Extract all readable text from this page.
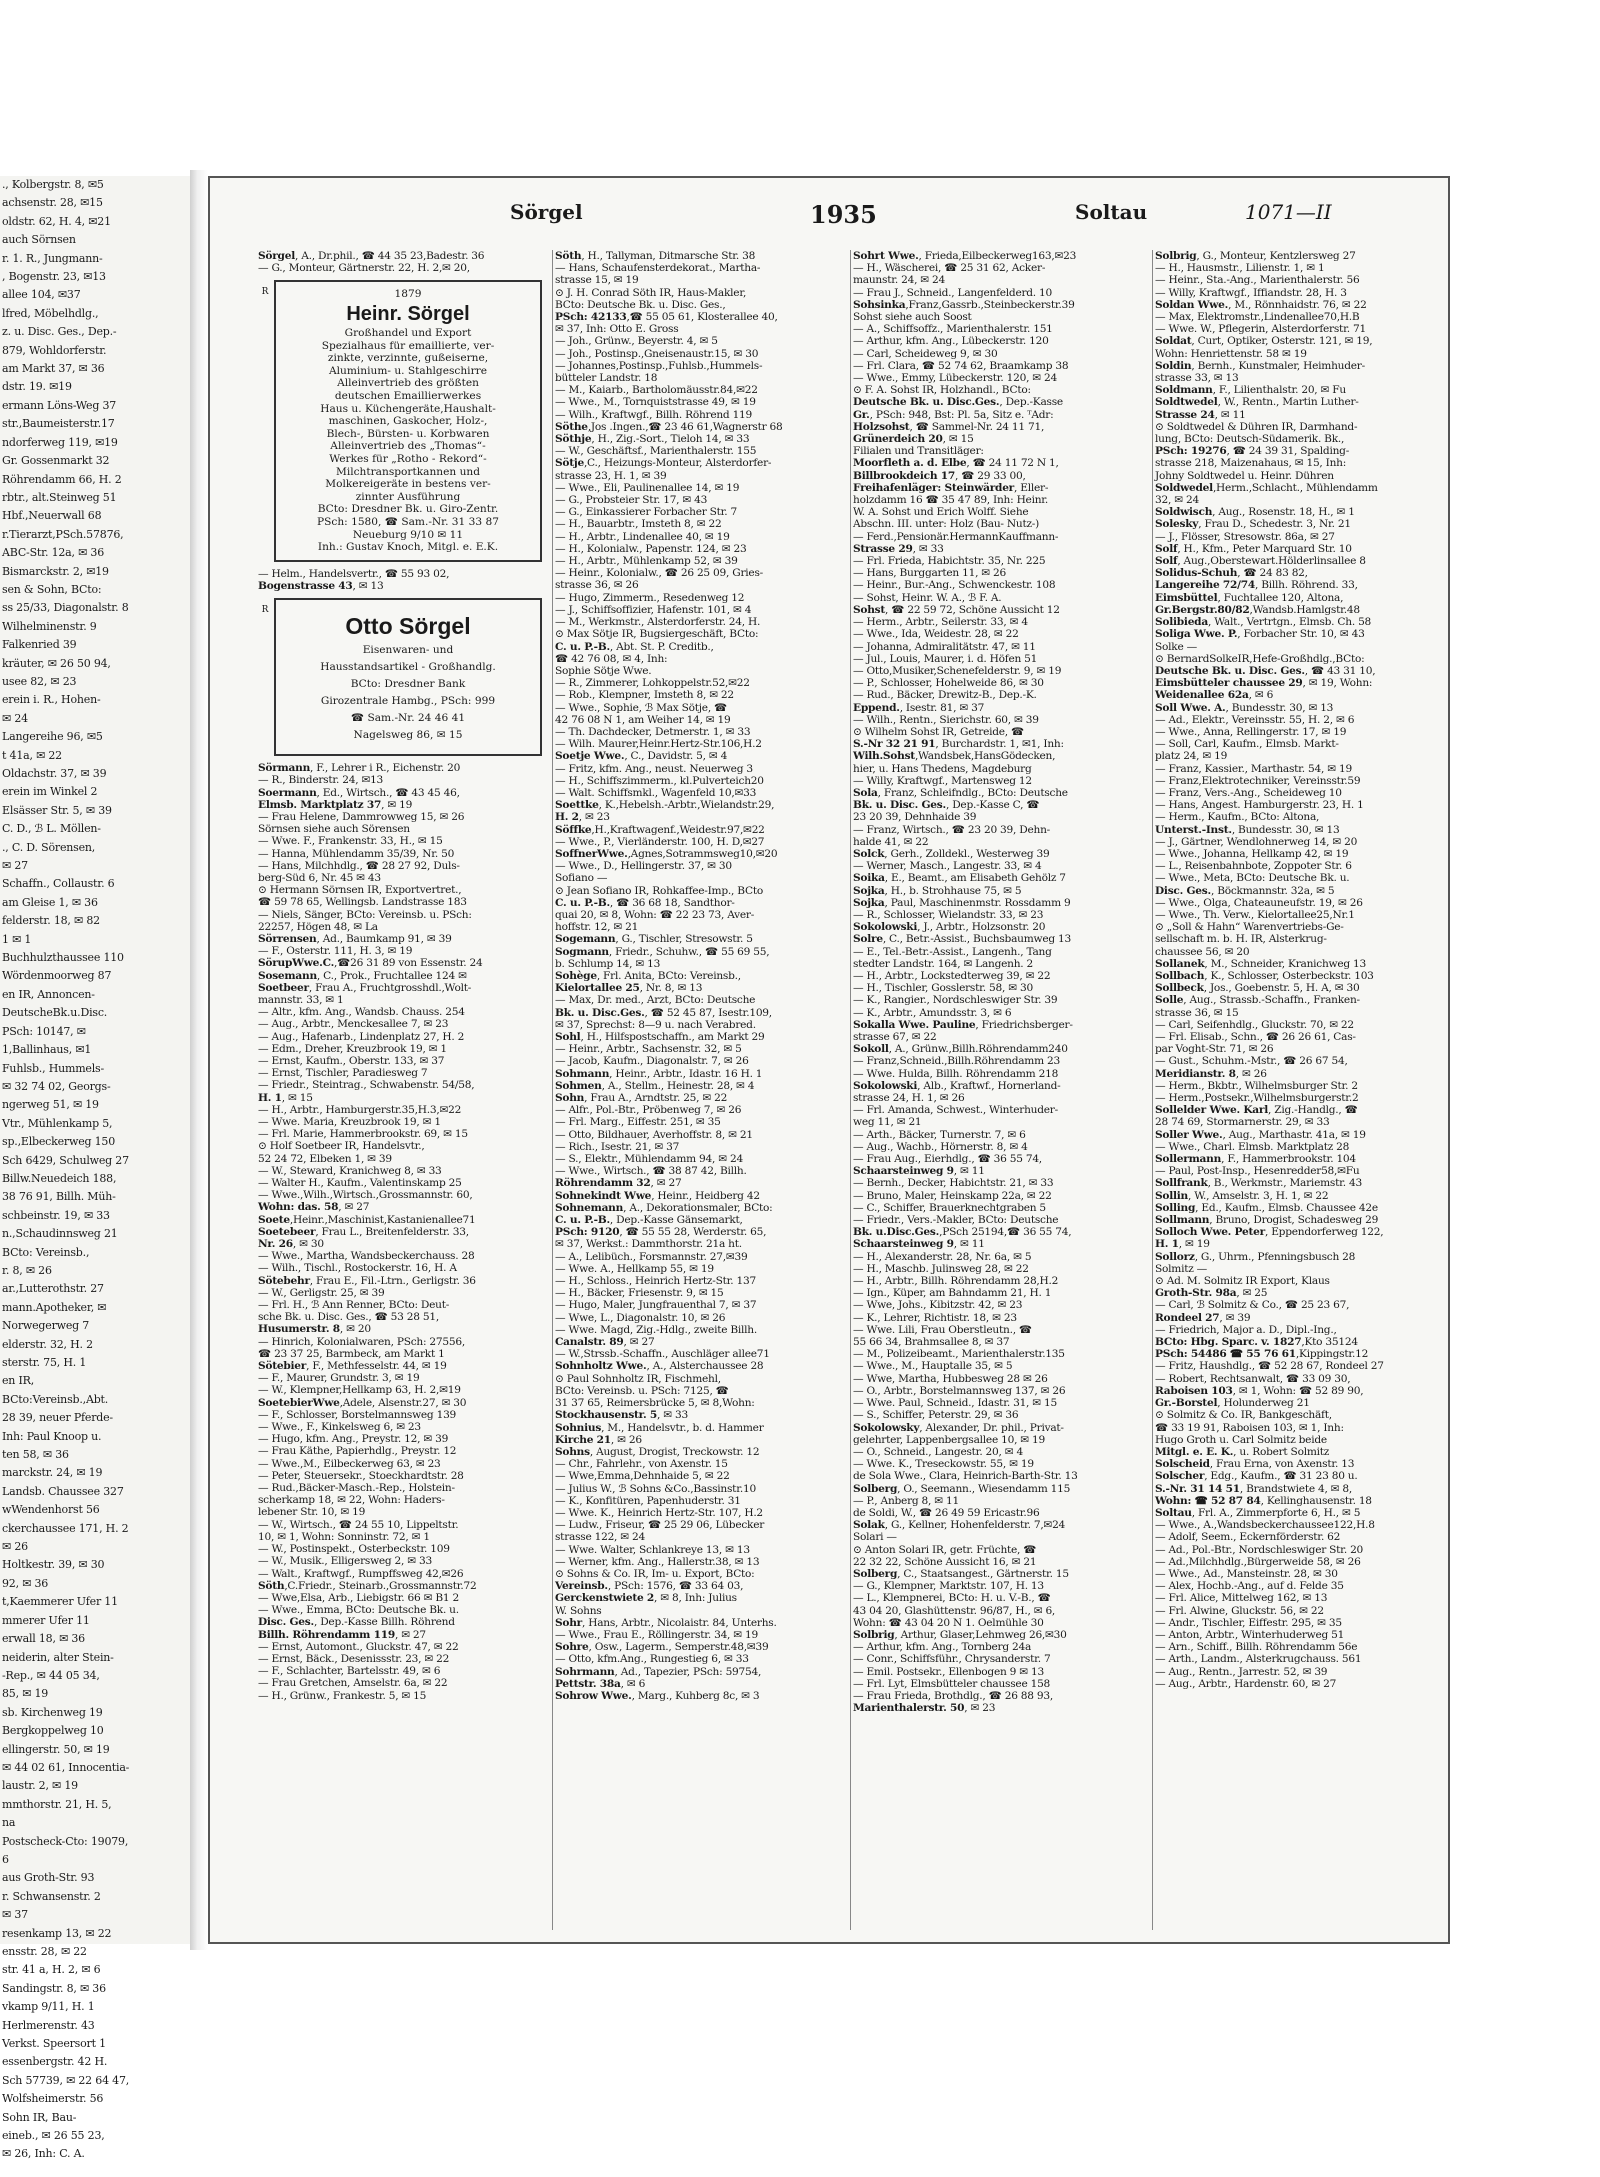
., Kolbergstr. 8, ✉5
achsenstr. 28, ✉15
oldstr. 62, H. 4, ✉21
auch Sörnsen
r. 1. R., Jungmann-
, Bogenstr. 23, ✉13
allee 104, ✉37
lfred, Möbelhdlg.,
z. u. Disc. Ges., Dep.-
879, Wohldorferstr.
am Markt 37, ✉ 36
dstr. 19. ✉19
ermann Löns-Weg 37
str.,Baumeisterstr.17
ndorferweg 119, ✉19
Gr. Gossenmarkt 32
Röhrendamm 66, H. 2
rbtr., alt.Steinweg 51
Hbf.,Neuerwall 68
r.Tierarzt,PSch.57876,
ABC-Str. 12a, ✉ 36
Bismarckstr. 2, ✉19
sen & Sohn, BCto:
ss 25/33, Diagonalstr. 8
Wilhelminenstr. 9
Falkenried 39
kräuter, ✉ 26 50 94,
usee 82, ✉ 23
erein i. R., Hohen-
✉ 24
Langereihe 96, ✉5
t 41a, ✉ 22
Oldachstr. 37, ✉ 39
erein im Winkel 2
Elsässer Str. 5, ✉ 39
C. D., ℬ L. Möllen-
., C. D. Sörensen,
✉ 27
Schaffn., Collaustr. 6
am Gleise 1, ✉ 36
felderstr. 18, ✉ 82
1 ✉ 1
Buchhulzthaussee 110
Wördenmoorweg 87
en IR, Annoncen-
DeutscheBk.u.Disc.
PSch: 10147, ✉
1,Ballinhaus, ✉1
Fuhlsb., Hummels-
✉ 32 74 02, Georgs-
ngerweg 51, ✉ 19
Vtr., Mühlenkamp 5,
sp.,Elbeckerweg 150
Sch 6429, Schulweg 27
Billw.Neuedeich 188,
38 76 91, Billh. Müh-
schbeinstr. 19, ✉ 33
n.,Schaudinnsweg 21
BCto: Vereinsb.,
r. 8, ✉ 26
ar.,Lutterothstr. 27
mann.Apotheker, ✉
Norwegerweg 7
elderstr. 32, H. 2
sterstr. 75, H. 1
en IR,
BCto:Vereinsb.,Abt.
28 39, neuer Pferde-
Inh: Paul Knoop u.
ten 58, ✉ 36
marckstr. 24, ✉ 19
Landsb. Chaussee 327
wWendenhorst 56
ckerchaussee 171, H. 2
✉ 26
Holtkestr. 39, ✉ 30
92, ✉ 36
t,Kaemmerer Ufer 11
mmerer Ufer 11
erwall 18, ✉ 36
neiderin, alter Stein-
-Rep., ✉ 44 05 34,
85, ✉ 19
sb. Kirchenweg 19
Bergkoppelweg 10
ellingerstr. 50, ✉ 19
✉ 44 02 61, Innocentia-
laustr. 2, ✉ 19
mmthorstr. 21, H. 5,
na
Postscheck-Cto: 19079,
6
aus Groth-Str. 93
r. Schwansenstr. 2
✉ 37
resenkamp 13, ✉ 22
ensstr. 28, ✉ 22
str. 41 a, H. 2, ✉ 6
Sandingstr. 8, ✉ 36
vkamp 9/11, H. 1
Herlmerenstr. 43
Verkst. Speersort 1
essenbergstr. 42 H.
Sch 57739, ✉ 22 64 47,
Wolfsheimerstr. 56
Sohn IR, Bau-
eineb., ✉ 26 55 23,
✉ 26, Inh: C. A.
Sörgel	1935	Soltau	1071—II
Sörgel, A., Dr.phil., ☎ 44 35 23,Badestr. 36
— G., Monteur, Gärtnerstr. 22, H. 2,✉ 20,
R	1879
Heinr. Sörgel
Großhandel und Export
Spezialhaus für emaillierte, ver-
zinkte, verzinnte, gußeiserne,
Aluminium- u. Stahlgeschirre
Alleinvertrieb des größten
deutschen Emaillierwerkes
Haus u. Küchengeräte,Haushalt-
maschinen, Gaskocher, Holz-,
Blech-, Bürsten- u. Korbwaren
Alleinvertrieb des „Thomas“-
Werkes für „Rotho - Rekord“-
Milchtransportkannen und
Molkereigeräte in bestens ver-
zinnter Ausführung
BCto: Dresdner Bk. u. Giro-Zentr.
PSch: 1580, ☎ Sam.-Nr. 31 33 87
Neueburg 9/10 ✉ 11
Inh.: Gustav Knoch, Mitgl. e. E.K.
— Helm., Handelsvertr., ☎ 55 93 02,
Bogenstrasse 43, ✉ 13
R
Otto Sörgel
Eisenwaren- und
Hausstandsartikel - Großhandlg.
BCto: Dresdner Bank
Girozentrale Hambg., PSch: 999
☎ Sam.-Nr. 24 46 41
Nagelsweg 86, ✉ 15
Sörmann, F., Lehrer i R., Eichenstr. 20
— R., Binderstr. 24, ✉13
Soermann, Ed., Wirtsch., ☎ 43 45 46,
Elmsb. Marktplatz 37, ✉ 19
— Frau Helene, Dammrowweg 15, ✉ 26
Sörnsen siehe auch Sörensen
— Wwe. F., Frankenstr. 33, H., ✉ 15
— Hanna, Mühlendamm 35/39, Nr. 50
— Hans, Milchhdlg., ☎ 28 27 92, Duls-
berg-Süd 6, Nr. 45 ✉ 43
⊙ Hermann Sörnsen IR, Exportvertret.,
☎ 59 78 65, Wellingsb. Landstrasse 183
— Niels, Sänger, BCto: Vereinsb. u. PSch:
22257, Högen 48, ✉ La
Sörrensen, Ad., Baumkamp 91, ✉ 39
— F., Osterstr. 111, H. 3, ✉ 19
SörupWwe.C.,☎26 31 89 von Essenstr. 24
Sosemann, C., Prok., Fruchtallee 124 ✉
Soetbeer, Frau A., Fruchtgrosshdl.,Wolt-
mannstr. 33, ✉ 1
— Altr., kfm. Ang., Wandsb. Chauss. 254
— Aug., Arbtr., Menckesallee 7, ✉ 23
— Aug., Hafenarb., Lindenplatz 27, H. 2
— Edm., Dreher, Kreuzbrook 19, ✉ 1
— Ernst, Kaufm., Oberstr. 133, ✉ 37
— Ernst, Tischler, Paradiesweg 7
— Friedr., Steintrag., Schwabenstr. 54/58,
H. 1, ✉ 15
— H., Arbtr., Hamburgerstr.35,H.3,✉22
— Wwe. Maria, Kreuzbrook 19, ✉ 1
— Frl. Marie, Hammerbrookstr. 69, ✉ 15
⊙ Holf Soetbeer IR, Handelsvtr.,
52 24 72, Elbeken 1, ✉ 39
— W., Steward, Kranichweg 8, ✉ 33
— Walter H., Kaufm., Valentinskamp 25
— Wwe.,Wilh.,Wirtsch.,Grossmannstr. 60,
Wohn: das. 58, ✉ 27
Soete,Heinr.,Maschinist,Kastanienallee71
Soetebeer, Frau L., Breitenfelderstr. 33,
Nr. 26, ✉ 30
— Wwe., Martha, Wandsbeckerchauss. 28
— Wilh., Tischl., Rostockerstr. 16, H. A
Sötebehr, Frau E., Fil.-Ltrn., Gerligstr. 36
— W., Gerligstr. 25, ✉ 39
— Frl. H., ℬ Ann Renner, BCto: Deut-
sche Bk. u. Disc. Ges., ☎ 53 28 51,
Husumerstr. 8, ✉ 20
— Hinrich, Kolonialwaren, PSch: 27556,
☎ 23 37 25, Barmbeck, am Markt 1
Sötebier, F., Methfesselstr. 44, ✉ 19
— F., Maurer, Grundstr. 3, ✉ 19
— W., Klempner,Hellkamp 63, H. 2,✉19
SoetebierWwe,Adele, Alsenstr.27, ✉ 30
— F., Schlosser, Borstelmannsweg 139
— Wwe., F., Kinkelsweg 6, ✉ 23
— Hugo, kfm. Ang., Preystr. 12, ✉ 39
— Frau Käthe, Papierhdlg., Preystr. 12
— Wwe.,M., Eilbeckerweg 63, ✉ 23
— Peter, Steuersekr., Stoeckhardtstr. 28
— Rud.,Bäcker-Masch.-Rep., Holstein-
scherkamp 18, ✉ 22, Wohn: Haders-
lebener Str. 10, ✉ 19
— W., Wirtsch., ☎ 24 55 10, Lippeltstr.
10, ✉ 1, Wohn: Sonninstr. 72, ✉ 1
— W., Postinspekt., Osterbeckstr. 109
— W., Musik., Elligersweg 2, ✉ 33
— Walt., Kraftwgf., Rumpffsweg 42,✉26
Söth,C.Friedr., Steinarb.,Grossmannstr.72
— Wwe,Elsa, Arb., Liebigstr. 66 ✉ B1 2
— Wwe., Emma, BCto: Deutsche Bk. u.
Disc. Ges., Dep.-Kasse Billh. Röhrend
Billh. Röhrendamm 119, ✉ 27
— Ernst, Automont., Gluckstr. 47, ✉ 22
— Ernst, Bäck., Desenissstr. 23, ✉ 22
— F., Schlachter, Bartelsstr. 49, ✉ 6
— Frau Gretchen, Amselstr. 6a, ✉ 22
— H., Grünw., Frankestr. 5, ✉ 15
Söth, H., Tallyman, Ditmarsche Str. 38
— Hans, Schaufensterdekorat., Martha-
strasse 15, ✉ 19
⊙ J. H. Conrad Söth IR, Haus-Makler,
BCto: Deutsche Bk. u. Disc. Ges.,
PSch: 42133,☎ 55 05 61, Klosterallee 40,
✉ 37, Inh: Otto E. Gross
— Joh., Grünw., Beyerstr. 4, ✉ 5
— Joh., Postinsp.,Gneisenaustr.15, ✉ 30
— Johannes,Postinsp.,Fuhlsb.,Hummels-
bütteler Landstr. 18
— M., Kaiarb., Bartholomäusstr.84,✉22
— Wwe., M., Tornquiststrasse 49, ✉ 19
— Wilh., Kraftwgf., Billh. Röhrend 119
Söthe,Jos .Ingen.,☎ 23 46 61,Wagnerstr 68
Söthje, H., Zig.-Sort., Tieloh 14, ✉ 33
— W., Geschäftsf., Marienthalerstr. 155
Sötje,C., Heizungs-Monteur, Alsterdorfer-
strasse 23, H. 1, ✉ 39
— Wwe., Eli, Paulinenallee 14, ✉ 19
— G., Probsteier Str. 17, ✉ 43
— G., Einkassierer Forbacher Str. 7
— H., Bauarbtr., Imsteth 8, ✉ 22
— H., Arbtr., Lindenallee 40, ✉ 19
— H., Kolonialw., Papenstr. 124, ✉ 23
— H., Arbtr., Mühlenkamp 52, ✉ 39
— Heinr., Kolonialw., ☎ 26 25 09, Gries-
strasse 36, ✉ 26
— Hugo, Zimmerm., Resedenweg 12
— J., Schiffsoffizier, Hafenstr. 101, ✉ 4
— M., Werkmstr., Alsterdorferstr. 24, H.
⊙ Max Sötje IR, Bugsiergeschäft, BCto:
C. u. P.-B., Abt. St. P. Creditb.,
☎ 42 76 08, ✉ 4, Inh:
Sophie Sötje Wwe.
— R., Zimmerer, Lohkoppelstr.52,✉22
— Rob., Klempner, Imsteth 8, ✉ 22
— Wwe., Sophie, ℬ Max Sötje, ☎
42 76 08 N 1, am Weiher 14, ✉ 19
— Th. Dachdecker, Detmerstr. 1, ✉ 33
— Wilh. Maurer,Heinr.Hertz-Str.106,H.2
Soetje Wwe., C., Davidstr. 5, ✉ 4
— Fritz, kfm. Ang., neust. Neuerweg 3
— H., Schiffszimmerm., kl.Pulverteich20
— Walt. Schiffsmkl., Wagenfeld 10,✉33
Soettke, K.,Hebelsh.-Arbtr.,Wielandstr.29,
H. 2, ✉ 23
Söffke,H.,Kraftwagenf.,Weidestr.97,✉22
— Wwe., P., Vierländerstr. 100, H. D,✉27
SoffnerWwe.,Agnes,Sotrammsweg10,✉20
— Wwe., D., Hellingerstr. 37, ✉ 30
Sofiano —
⊙ Jean Sofiano IR, Rohkaffee-Imp., BCto
C. u. P.-B., ☎ 36 68 18, Sandthor-
quai 20, ✉ 8, Wohn: ☎ 22 23 73, Aver-
hoffstr. 12, ✉ 21
Sogemann, G., Tischler, Stresowstr. 5
Sogmann, Friedr., Schuhw., ☎ 55 69 55,
b. Schlump 14, ✉ 13
Sohège, Frl. Anita, BCto: Vereinsb.,
Kielortallee 25, Nr. 8, ✉ 13
— Max, Dr. med., Arzt, BCto: Deutsche
Bk. u. Disc.Ges., ☎ 52 45 87, Isestr.109,
✉ 37, Sprechst: 8—9 u. nach Verabred.
Sohl, H., Hilfspostschaffn., am Markt 29
— Heinr., Arbtr., Sachsenstr. 32, ✉ 5
— Jacob, Kaufm., Diagonalstr. 7, ✉ 26
Sohmann, Heinr., Arbtr., Idastr. 16 H. 1
Sohmen, A., Stellm., Heinestr. 28, ✉ 4
Sohn, Frau A., Arndtstr. 25, ✉ 22
— Alfr., Pol.-Btr., Pröbenweg 7, ✉ 26
— Frl. Marg., Eiffestr. 251, ✉ 35
— Otto, Bildhauer, Averhoffstr. 8, ✉ 21
— Rich., Isestr. 21, ✉ 37
— S., Elektr., Mühlendamm 94, ✉ 24
— Wwe., Wirtsch., ☎ 38 87 42, Billh.
Röhrendamm 32, ✉ 27
Sohnekindt Wwe, Heinr., Heidberg 42
Sohnemann, A., Dekorationsmaler, BCto:
C. u. P.-B., Dep.-Kasse Gänsemarkt,
PSch: 9120, ☎ 55 55 28, Werderstr. 65,
✉ 37, Werkst.: Dammthorstr. 21a ht.
— A., Lelibüch., Forsmannstr. 27,✉39
— Wwe. A., Hellkamp 55, ✉ 19
— H., Schloss., Heinrich Hertz-Str. 137
— H., Bäcker, Friesenstr. 9, ✉ 15
— Hugo, Maler, Jungfrauenthal 7, ✉ 37
— Wwe, L., Diagonalstr. 10, ✉ 26
— Wwe. Magd, Zig.-Hdlg., zweite Billh.
Canalstr. 89, ✉ 27
— W.,Strssb.-Schaffn., Auschläger allee71
Sohnholtz Wwe., A., Alsterchaussee 28
⊙ Paul Sohnholtz IR, Fischmehl,
BCto: Vereinsb. u. PSch: 7125, ☎
31 37 65, Reimersbrücke 5, ✉ 8,Wohn:
Stockhausenstr. 5, ✉ 33
Sohnius, M., Handelsvtr., b. d. Hammer
Kirche 21, ✉ 26
Sohns, August, Drogist, Treckowstr. 12
— Chr., Fahrlehr., von Axenstr. 15
— Wwe,Emma,Dehnhaide 5, ✉ 22
— Julius W., ℬ Sohns &Co.,Bassinstr.10
— K., Konfitüren, Papenhuderstr. 31
— Wwe. K., Heinrich Hertz-Str. 107, H.2
— Ludw., Friseur, ☎ 25 29 06, Lübecker
strasse 122, ✉ 24
— Wwe. Walter, Schlankreye 13, ✉ 13
— Werner, kfm. Ang., Hallerstr.38, ✉ 13
⊙ Sohns & Co. IR, Im- u. Export, BCto:
Vereinsb., PSch: 1576, ☎ 33 64 03,
Gerckenstwiete 2, ✉ 8, Inh: Julius
W. Sohns
Sohr, Hans, Arbtr., Nicolaistr. 84, Unterhs.
— Wwe., Frau E., Röllingerstr. 34, ✉ 19
Sohre, Osw., Lagerm., Semperstr.48,✉39
— Otto, kfm.Ang., Rungestieg 6, ✉ 33
Sohrmann, Ad., Tapezier, PSch: 59754,
Pettstr. 38a, ✉ 6
Sohrow Wwe., Marg., Kuhberg 8c, ✉ 3
Sohrt Wwe., Frieda,Eilbeckerweg163,✉23
— H., Wäscherei, ☎ 25 31 62, Acker-
maunstr. 24, ✉ 24
— Frau J., Schneid., Langenfelderd. 10
Sohsinka,Franz,Gassrb.,Steinbeckerstr.39
Sohst siehe auch Soost
— A., Schiffsoffz., Marienthalerstr. 151
— Arthur, kfm. Ang., Lübeckerstr. 120
— Carl, Scheideweg 9, ✉ 30
— Frl. Clara, ☎ 52 74 62, Braamkamp 38
— Wwe., Emmy, Lübeckerstr. 120, ✉ 24
⊙ F. A. Sohst IR, Holzhandl., BCto:
Deutsche Bk. u. Disc.Ges., Dep.-Kasse
Gr., PSch: 948, Bst: Pl. 5a, Sitz e. ᵀAdr:
Holzsohst, ☎ Sammel-Nr. 24 11 71,
Grünerdeich 20, ✉ 15
Filialen und Transitläger:
Moorfleth a. d. Elbe, ☎ 24 11 72 N 1,
Billbrookdeich 17, ☎ 29 33 00,
Freihafenläger: Steinwärder, Eller-
holzdamm 16 ☎ 35 47 89, Inh: Heinr.
W. A. Sohst und Erich Wolff. Siehe
Abschn. III. unter: Holz (Bau- Nutz-)
— Ferd.,Pensionär.HermannKauffmann-
Strasse 29, ✉ 33
— Frl. Frieda, Habichtstr. 35, Nr. 225
— Hans, Burggarten 11, ✉ 26
— Heinr., Bur.-Ang., Schwenckestr. 108
— Sohst, Heinr. W. A., ℬ F. A.
Sohst, ☎ 22 59 72, Schöne Aussicht 12
— Herm., Arbtr., Seilerstr. 33, ✉ 4
— Wwe., Ida, Weidestr. 28, ✉ 22
— Johanna, Admiralitätstr. 47, ✉ 11
— Jul., Louis, Maurer, i. d. Höfen 51
— Otto,Musiker,Schenefelderstr. 9, ✉ 19
— P., Schlosser, Hohelweide 86, ✉ 30
— Rud., Bäcker, Drewitz-B., Dep.-K.
Eppend., Isestr. 81, ✉ 37
— Wilh., Rentn., Sierichstr. 60, ✉ 39
⊙ Wilhelm Sohst IR, Getreide, ☎
S.-Nr 32 21 91, Burchardstr. 1, ✉1, Inh:
Wilh.Sohst,Wandsbek,HansGödecken,
hier, u. Hans Thedens, Magdeburg
— Willy, Kraftwgf., Martensweg 12
Sola, Franz, Schleifndlg., BCto: Deutsche
Bk. u. Disc. Ges., Dep.-Kasse C, ☎
23 20 39, Dehnhaide 39
— Franz, Wirtsch., ☎ 23 20 39, Dehn-
halde 41, ✉ 22
Solck, Gerh., Zolldekl., Westerweg 39
— Werner, Masch., Langestr. 33, ✉ 4
Soika, E., Beamt., am Elisabeth Gehölz 7
Sojka, H., b. Strohhause 75, ✉ 5
Sojka, Paul, Maschinenmstr. Rossdamm 9
— R., Schlosser, Wielandstr. 33, ✉ 23
Sokolowski, J., Arbtr., Holzsonstr. 20
Solre, C., Betr.-Assist., Buchsbaumweg 13
— E., Tel.-Betr.-Assist., Langenh., Tang
stedter Landstr. 164, ✉ Langenh. 2
— H., Arbtr., Lockstedterweg 39, ✉ 22
— H., Tischler, Gosslerstr. 58, ✉ 30
— K., Rangier., Nordschleswiger Str. 39
— K., Arbtr., Amundsstr. 3, ✉ 6
Sokalla Wwe. Pauline, Friedrichsberger-
strasse 67, ✉ 22
Sokoll, A., Grünw.,Billh.Röhrendamm240
— Franz,Schneid.,Billh.Röhrendamm 23
— Wwe. Hulda, Billh. Röhrendamm 218
Sokolowski, Alb., Kraftwf., Hornerland-
strasse 24, H. 1, ✉ 26
— Frl. Amanda, Schwest., Winterhuder-
weg 11, ✉ 21
— Arth., Bäcker, Turnerstr. 7, ✉ 6
— Aug., Wachb., Hörnerstr. 8, ✉ 4
— Frau Aug., Eierhdlg., ☎ 36 55 74,
Schaarsteinweg 9, ✉ 11
— Bernh., Decker, Habichtstr. 21, ✉ 33
— Bruno, Maler, Heinskamp 22a, ✉ 22
— C., Schiffer, Brauerknechtgraben 5
— Friedr., Vers.-Makler, BCto: Deutsche
Bk. u.Disc.Ges.,PSch 25194,☎ 36 55 74,
Schaarsteinweg 9, ✉ 11
— H., Alexanderstr. 28, Nr. 6a, ✉ 5
— H., Maschb. Julinsweg 28, ✉ 22
— H., Arbtr., Billh. Röhrendamm 28,H.2
— Ign., Küper, am Bahndamm 21, H. 1
— Wwe, Johs., Kibitzstr. 42, ✉ 23
— K., Lehrer, Richtistr. 18, ✉ 23
— Wwe. Lili, Frau Oberstleutn., ☎
55 66 34, Brahmsallee 8, ✉ 37
— M., Polizeibeamt., Marienthalerstr.135
— Wwe., M., Hauptalle 35, ✉ 5
— Wwe, Martha, Hubbesweg 28 ✉ 26
— O., Arbtr., Borstelmannsweg 137, ✉ 26
— Wwe. Paul, Schneid., Idastr. 31, ✉ 15
— S., Schiffer, Peterstr. 29, ✉ 36
Sokolowsky, Alexander, Dr. phil., Privat-
gelehrter, Lappenbergsallee 10, ✉ 19
— O., Schneid., Langestr. 20, ✉ 4
— Wwe. K., Treseckowstr. 55, ✉ 19
de Sola Wwe., Clara, Heinrich-Barth-Str. 13
Solberg, O., Seemann., Wiesendamm 115
— P., Anberg 8, ✉ 11
de Soldi, W., ☎ 26 49 59 Ericastr.96
Solak, G., Kellner, Hohenfelderstr. 7,✉24
Solari —
⊙ Anton Solari IR, getr. Früchte, ☎
22 32 22, Schöne Aussicht 16, ✉ 21
Solberg, C., Staatsangest., Gärtnerstr. 15
— G., Klempner, Marktstr. 107, H. 13
— L., Klempnerei, BCto: H. u. V.-B., ☎
43 04 20, Glashüttenstr. 96/87, H., ✉ 6,
Wohn: ☎ 43 04 20 N 1. Oelmühle 30
Solbrig, Arthur, Glaser,Lehmweg 26,✉30
— Arthur, kfm. Ang., Tornberg 24a
— Conr., Schiffsführ., Chrysanderstr. 7
— Emil. Postsekr., Ellenbogen 9 ✉ 13
— Frl. Lyt, Elmsbütteler chaussee 158
— Frau Frieda, Brothdlg., ☎ 26 88 93,
Marienthalerstr. 50, ✉ 23
Solbrig, G., Monteur, Kentzlersweg 27
— H., Hausmstr., Lilienstr. 1, ✉ 1
— Heinr., Sta.-Ang., Marienthalerstr. 56
— Willy, Kraftwgf., Iffiandstr. 28, H. 3
Soldan Wwe., M., Rönnhaidstr. 76, ✉ 22
— Max, Elektromstr.,Lindenallee70,H.B
— Wwe. W., Pflegerin, Alsterdorferstr. 71
Soldat, Curt, Optiker, Osterstr. 121, ✉ 19,
Wohn: Henriettenstr. 58 ✉ 19
Soldin, Bernh., Kunstmaler, Heimhuder-
strasse 33, ✉ 13
Soldmann, F., Lilienthalstr. 20, ✉ Fu
Soldtwedel, W., Rentn., Martin Luther-
Strasse 24, ✉ 11
⊙ Soldtwedel & Dühren IR, Darmhand-
lung, BCto: Deutsch-Südamerik. Bk.,
PSch: 19276, ☎ 24 39 31, Spalding-
strasse 218, Maizenahaus, ✉ 15, Inh:
Johny Soldtwedel u. Heinr. Dühren
Soldwedel,Herm.,Schlacht., Mühlendamm
32, ✉ 24
Soldwisch, Aug., Rosenstr. 18, H., ✉ 1
Solesky, Frau D., Schedestr. 3, Nr. 21
— J., Flösser, Stresowstr. 86a, ✉ 27
Solf, H., Kfm., Peter Marquard Str. 10
Solf, Aug.,Oberstewart.Hölderlinsallee 8
Solidus-Schuh, ☎ 24 83 82,
Langereihe 72/74, Billh. Röhrend. 33,
Eimsbüttel, Fuchtallee 120, Altona,
Gr.Bergstr.80/82,Wandsb.Hamlgstr.48
Solibieda, Walt., Vertrtgn., Elmsb. Ch. 58
Soliga Wwe. P., Forbacher Str. 10, ✉ 43
Solke —
⊙ BernardSolkeIR,Hefe-Großhdlg.,BCto:
Deutsche Bk. u. Disc. Ges., ☎ 43 31 10,
Eimsbütteler chaussee 29, ✉ 19, Wohn:
Weidenallee 62a, ✉ 6
Soll Wwe. A., Bundesstr. 30, ✉ 13
— Ad., Elektr., Vereinsstr. 55, H. 2, ✉ 6
— Wwe., Anna, Rellingerstr. 17, ✉ 19
— Soll, Carl, Kaufm., Elmsb. Markt-
platz 24, ✉ 19
— Franz, Kassier., Marthastr. 54, ✉ 19
— Franz,Elektrotechniker, Vereinsstr.59
— Franz, Vers.-Ang., Scheideweg 10
— Hans, Angest. Hamburgerstr. 23, H. 1
— Herm., Kaufm., BCto: Altona,
Unterst.-Inst., Bundesstr. 30, ✉ 13
— J., Gärtner, Wendlohnerweg 14, ✉ 20
— Wwe., Johanna, Hellkamp 42, ✉ 19
— L., Reisenbahnbote, Zoppoter Str. 6
— Wwe., Meta, BCto: Deutsche Bk. u.
Disc. Ges., Böckmannstr. 32a, ✉ 5
— Wwe., Olga, Chateauneufstr. 19, ✉ 26
— Wwe., Th. Verw., Kielortallee25,Nr.1
⊙ „Soll & Hahn“ Warenvertriebs-Ge-
sellschaft m. b. H. IR, Alsterkrug-
chaussee 56, ✉ 20
Sollanek, M., Schneider, Kranichweg 13
Sollbach, K., Schlosser, Osterbeckstr. 103
Sollbeck, Jos., Goebenstr. 5, H. A, ✉ 30
Solle, Aug., Strassb.-Schaffn., Franken-
strasse 36, ✉ 15
— Carl, Seifenhdlg., Gluckstr. 70, ✉ 22
— Frl. Elisab., Schn., ☎ 26 26 61, Cas-
par Voght-Str. 71, ✉ 26
— Gust., Schuhm.-Mstr., ☎ 26 67 54,
Meridianstr. 8, ✉ 26
— Herm., Bkbtr., Wilhelmsburger Str. 2
— Herm.,Postsekr.,Wilhelmsburgerstr.2
Sollelder Wwe. Karl, Zig.-Handlg., ☎
28 74 69, Stormarnerstr. 29, ✉ 33
Soller Wwe., Aug., Marthastr. 41a, ✉ 19
— Wwe., Charl. Elmsb. Marktplatz 28
Sollermann, F., Hammerbrookstr. 104
— Paul, Post-Insp., Hesenredder58,✉Fu
Sollfrank, B., Werkmstr., Mariemstr. 43
Sollin, W., Amselstr. 3, H. 1, ✉ 22
Solling, Ed., Kaufm., Elmsb. Chaussee 42e
Sollmann, Bruno, Drogist, Schadesweg 29
Solloch Wwe. Peter, Eppendorferweg 122,
H. 1, ✉ 19
Sollorz, G., Uhrm., Pfenningsbusch 28
Solmitz —
⊙ Ad. M. Solmitz IR Export, Klaus
Groth-Str. 98a, ✉ 25
— Carl, ℬ Solmitz & Co., ☎ 25 23 67,
Rondeel 27, ✉ 39
— Friedrich, Major a. D., Dipl.-Ing.,
BCto: Hbg. Sparc. v. 1827,Kto 35124
PSch: 54486 ☎ 55 76 61,Kippingstr.12
— Fritz, Haushdlg., ☎ 52 28 67, Rondeel 27
— Robert, Rechtsanwalt, ☎ 33 09 30,
Raboisen 103, ✉ 1, Wohn: ☎ 52 89 90,
Gr.-Borstel, Holunderweg 21
⊙ Solmitz & Co. IR, Bankgeschäft,
☎ 33 19 91, Raboisen 103, ✉ 1, Inh:
Hugo Groth u. Carl Solmitz beide
Mitgl. e. E. K., u. Robert Solmitz
Solscheid, Frau Erna, von Axenstr. 13
Solscher, Edg., Kaufm., ☎ 31 23 80 u.
S.-Nr. 31 14 51, Brandstwiete 4, ✉ 8,
Wohn: ☎ 52 87 84, Kellinghausenstr. 18
Soltau, Frl. A., Zimmerpforte 6, H., ✉ 5
— Wwe., A.,Wandsbeckerchaussee122,H.8
— Adolf, Seem., Eckernförderstr. 62
— Ad., Pol.-Btr., Nordschleswiger Str. 20
— Ad.,Milchhdlg.,Bürgerweide 58, ✉ 26
— Wwe., Ad., Mansteinstr. 28, ✉ 30
— Alex, Hochb.-Ang., auf d. Felde 35
— Frl. Alice, Mittelweg 162, ✉ 13
— Frl. Alwine, Gluckstr. 56, ✉ 22
— Andr., Tischler, Eiffestr. 295, ✉ 35
— Anton, Arbtr., Winterhuderweg 51
— Arn., Schiff., Billh. Röhrendamm 56e
— Arth., Landm., Alsterkrugchauss. 561
— Aug., Rentn., Jarrestr. 52, ✉ 39
— Aug., Arbtr., Hardenstr. 60, ✉ 27
